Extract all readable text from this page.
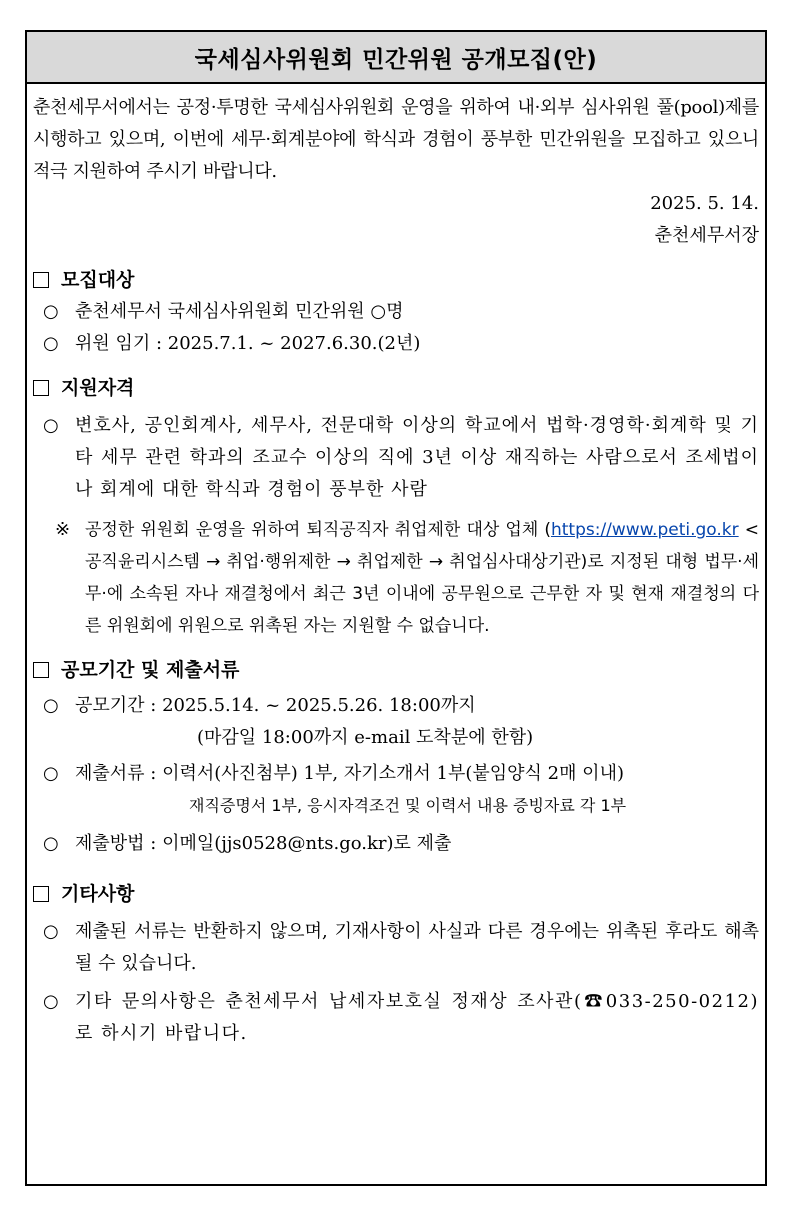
국세심사위원회 민간위원 공개모집(안)
춘천세무서에서는 공정·투명한 국세심사위원회 운영을 위하여 내·외부 심사위원 풀(pool)제를 시행하고 있으며, 이번에 세무·회계분야에 학식과 경험이 풍부한 민간위원을 모집하고 있으니 적극 지원하여 주시기 바랍니다.
2025. 5. 14.
춘천세무서장
모집대상
○ 춘천세무서 국세심사위원회 민간위원 ○명
○ 위원 임기 : 2025.7.1. ~ 2027.6.30.(2년)
지원자격
○ 변호사, 공인회계사, 세무사, 전문대학 이상의 학교에서 법학·경영학·회계학 및 기타 세무 관련 학과의 조교수 이상의 직에 3년 이상 재직하는 사람으로서 조세법이나 회계에 대한 학식과 경험이 풍부한 사람
※ 공정한 위원회 운영을 위하여 퇴직공직자 취업제한 대상 업체 (https://www.peti.go.kr <공직윤리시스템 → 취업·행위제한 → 취업제한 → 취업심사대상기관)로 지정된 대형 법무·세무·에 소속된 자나 재결청에서 최근 3년 이내에 공무원으로 근무한 자 및 현재 재결청의 다른 위원회에 위원으로 위촉된 자는 지원할 수 없습니다.
공모기간 및 제출서류
○ 공모기간 : 2025.5.14. ~ 2025.5.26. 18:00까지
(마감일 18:00까지 e-mail 도착분에 한함)
○ 제출서류 : 이력서(사진첨부) 1부, 자기소개서 1부(붙임양식 2매 이내)
재직증명서 1부, 응시자격조건 및 이력서 내용 증빙자료 각 1부
○ 제출방법 : 이메일(jjs0528@nts.go.kr)로 제출
기타사항
○ 제출된 서류는 반환하지 않으며, 기재사항이 사실과 다른 경우에는 위촉된 후라도 해촉될 수 있습니다.
○ 기타 문의사항은 춘천세무서 납세자보호실 정재상 조사관(☎033-250-0212)로 하시기 바랍니다.
